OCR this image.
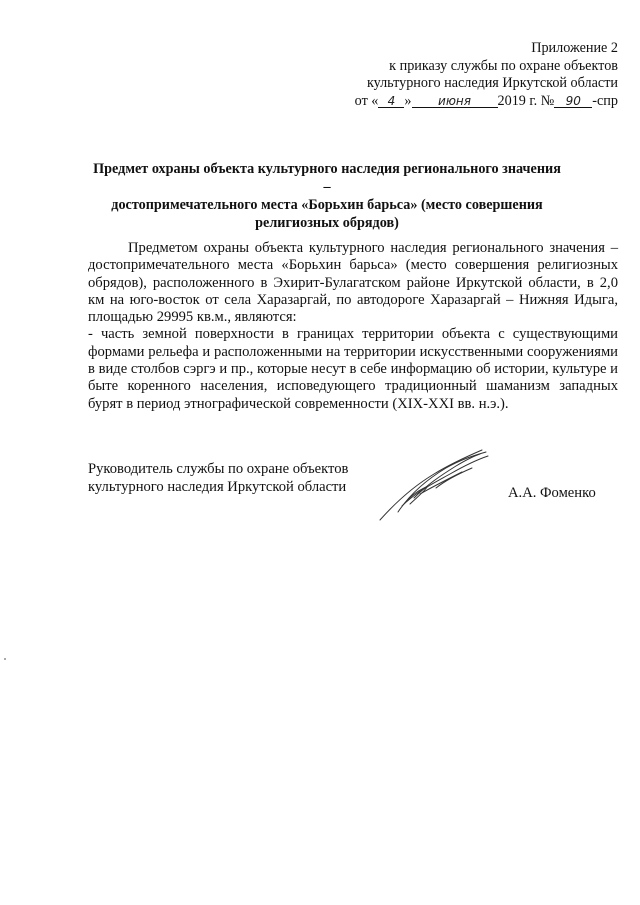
Приложение 2
к приказу службы по охране объектов
культурного наследия Иркутской области
от « 4 » июня 2019 г. № 90 -спр
Предмет охраны объекта культурного наследия регионального значения –
достопримечательного места «Борьхин барьса» (место совершения
религиозных обрядов)

Предметом охраны объекта культурного наследия регионального значения – достопримечательного места «Борьхин барьса» (место совершения религиозных обрядов), расположенного в Эхирит-Булагатском районе Иркутской области, в 2,0 км на юго-восток от села Харазаргай, по автодороге Харазаргай – Нижняя Идыга, площадью 29995 кв.м., являются:

- часть земной поверхности в границах территории объекта с существующими формами рельефа и расположенными на территории искусственными сооружениями в виде столбов сэргэ и пр., которые несут в себе информацию об истории, культуре и быте коренного населения, исповедующего традиционный шаманизм западных бурят в период этнографической современности (XIX-XXI вв. н.э.).

Руководитель службы по охране объектов
культурного наследия Иркутской области	А.А. Фоменко
